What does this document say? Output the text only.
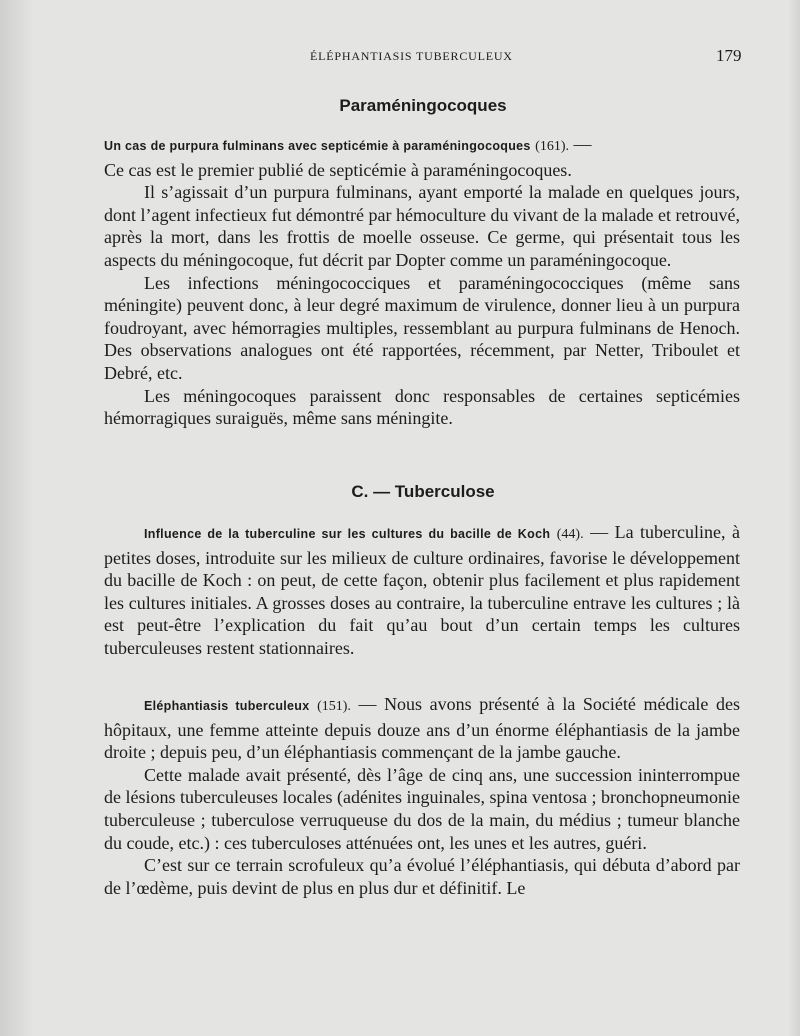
ÉLÉPHANTIASIS TUBERCULEUX	179
Paraméningocoques

Un cas de purpura fulminans avec septicémie à paraméningocoques (161). —

Ce cas est le premier publié de septicémie à paraméningocoques.

Il s’agissait d’un purpura fulminans, ayant emporté la malade en quelques jours, dont l’agent infectieux fut démontré par hémoculture du vivant de la malade et retrouvé, après la mort, dans les frottis de moelle osseuse. Ce germe, qui présentait tous les aspects du méningocoque, fut décrit par Dopter comme un paraméningocoque.

Les infections méningococciques et paraméningococciques (même sans méningite) peuvent donc, à leur degré maximum de virulence, donner lieu à un purpura foudroyant, avec hémorragies multiples, ressemblant au purpura fulminans de Henoch. Des observations analogues ont été rapportées, récemment, par Netter, Triboulet et Debré, etc.

Les méningocoques paraissent donc responsables de certaines septicémies hémorragiques suraiguës, même sans méningite.

C. — Tuberculose

Influence de la tuberculine sur les cultures du bacille de Koch (44). — La tuberculine, à petites doses, introduite sur les milieux de culture ordinaires, favorise le développement du bacille de Koch : on peut, de cette façon, obtenir plus facilement et plus rapidement les cultures initiales. A grosses doses au contraire, la tuberculine entrave les cultures ; là est peut-être l’explication du fait qu’au bout d’un certain temps les cultures tuberculeuses restent stationnaires.

Eléphantiasis tuberculeux (151). — Nous avons présenté à la Société médicale des hôpitaux, une femme atteinte depuis douze ans d’un énorme éléphantiasis de la jambe droite ; depuis peu, d’un éléphantiasis commençant de la jambe gauche.

Cette malade avait présenté, dès l’âge de cinq ans, une succession ininterrompue de lésions tuberculeuses locales (adénites inguinales, spina ventosa ; bronchopneumonie tuberculeuse ; tuberculose verruqueuse du dos de la main, du médius ; tumeur blanche du coude, etc.) : ces tuberculoses atténuées ont, les unes et les autres, guéri.

C’est sur ce terrain scrofuleux qu’a évolué l’éléphantiasis, qui débuta d’abord par de l’œdème, puis devint de plus en plus dur et définitif. Le
